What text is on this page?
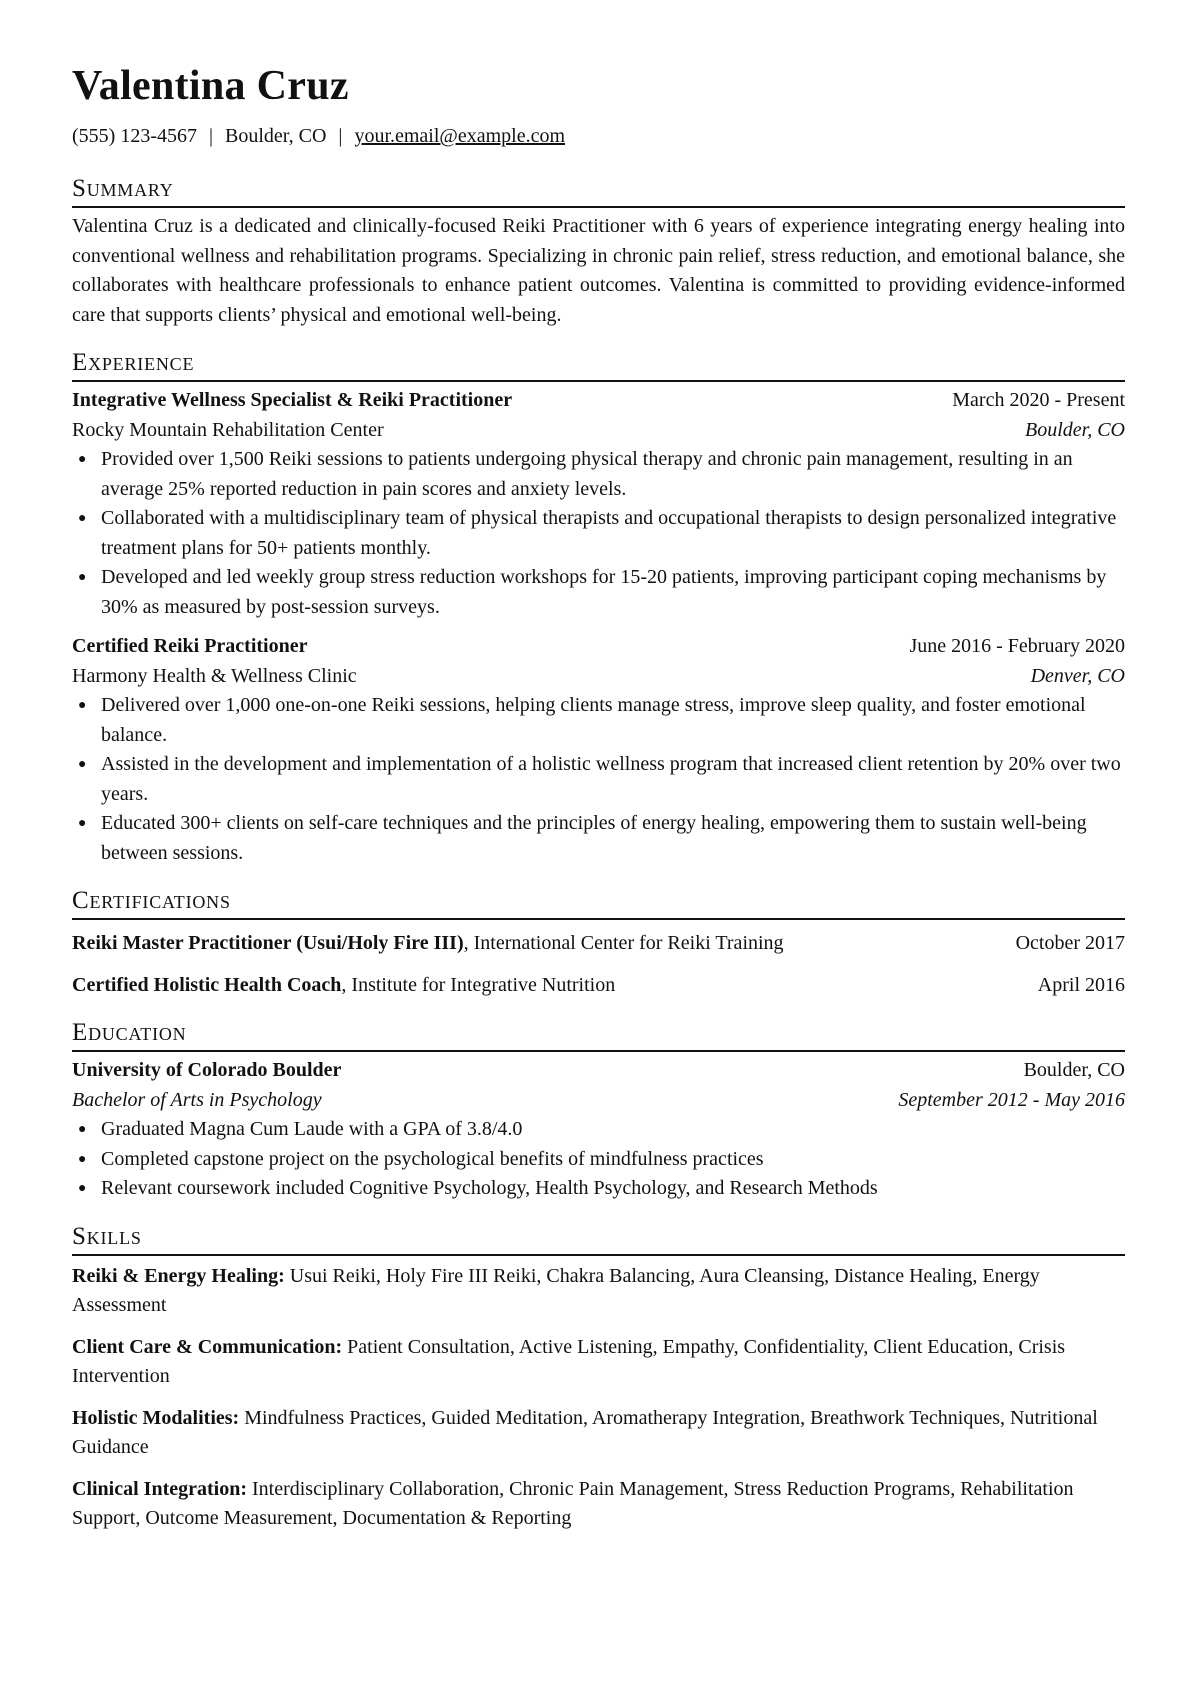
Valentina Cruz
(555) 123-4567 | Boulder, CO | your.email@example.com
Summary
Valentina Cruz is a dedicated and clinically-focused Reiki Practitioner with 6 years of experience integrating energy healing into conventional wellness and rehabilitation programs. Specializing in chronic pain relief, stress reduction, and emotional balance, she collaborates with healthcare professionals to enhance patient outcomes. Valentina is committed to providing evidence-informed care that supports clients’ physical and emotional well-being.
Experience
Integrative Wellness Specialist & Reiki Practitioner	March 2020 - Present
Rocky Mountain Rehabilitation Center	Boulder, CO
● Provided over 1,500 Reiki sessions to patients undergoing physical therapy and chronic pain management, resulting in an average 25% reported reduction in pain scores and anxiety levels.
● Collaborated with a multidisciplinary team of physical therapists and occupational therapists to design personalized integrative treatment plans for 50+ patients monthly.
● Developed and led weekly group stress reduction workshops for 15-20 patients, improving participant coping mechanisms by 30% as measured by post-session surveys.
Certified Reiki Practitioner	June 2016 - February 2020
Harmony Health & Wellness Clinic	Denver, CO
● Delivered over 1,000 one-on-one Reiki sessions, helping clients manage stress, improve sleep quality, and foster emotional balance.
● Assisted in the development and implementation of a holistic wellness program that increased client retention by 20% over two years.
● Educated 300+ clients on self-care techniques and the principles of energy healing, empowering them to sustain well-being between sessions.
Certifications
Reiki Master Practitioner (Usui/Holy Fire III), International Center for Reiki Training	October 2017
Certified Holistic Health Coach, Institute for Integrative Nutrition	April 2016
Education
University of Colorado Boulder	Boulder, CO
Bachelor of Arts in Psychology	September 2012 - May 2016
● Graduated Magna Cum Laude with a GPA of 3.8/4.0
● Completed capstone project on the psychological benefits of mindfulness practices
● Relevant coursework included Cognitive Psychology, Health Psychology, and Research Methods
Skills
Reiki & Energy Healing: Usui Reiki, Holy Fire III Reiki, Chakra Balancing, Aura Cleansing, Distance Healing, Energy Assessment
Client Care & Communication: Patient Consultation, Active Listening, Empathy, Confidentiality, Client Education, Crisis Intervention
Holistic Modalities: Mindfulness Practices, Guided Meditation, Aromatherapy Integration, Breathwork Techniques, Nutritional Guidance
Clinical Integration: Interdisciplinary Collaboration, Chronic Pain Management, Stress Reduction Programs, Rehabilitation Support, Outcome Measurement, Documentation & Reporting
